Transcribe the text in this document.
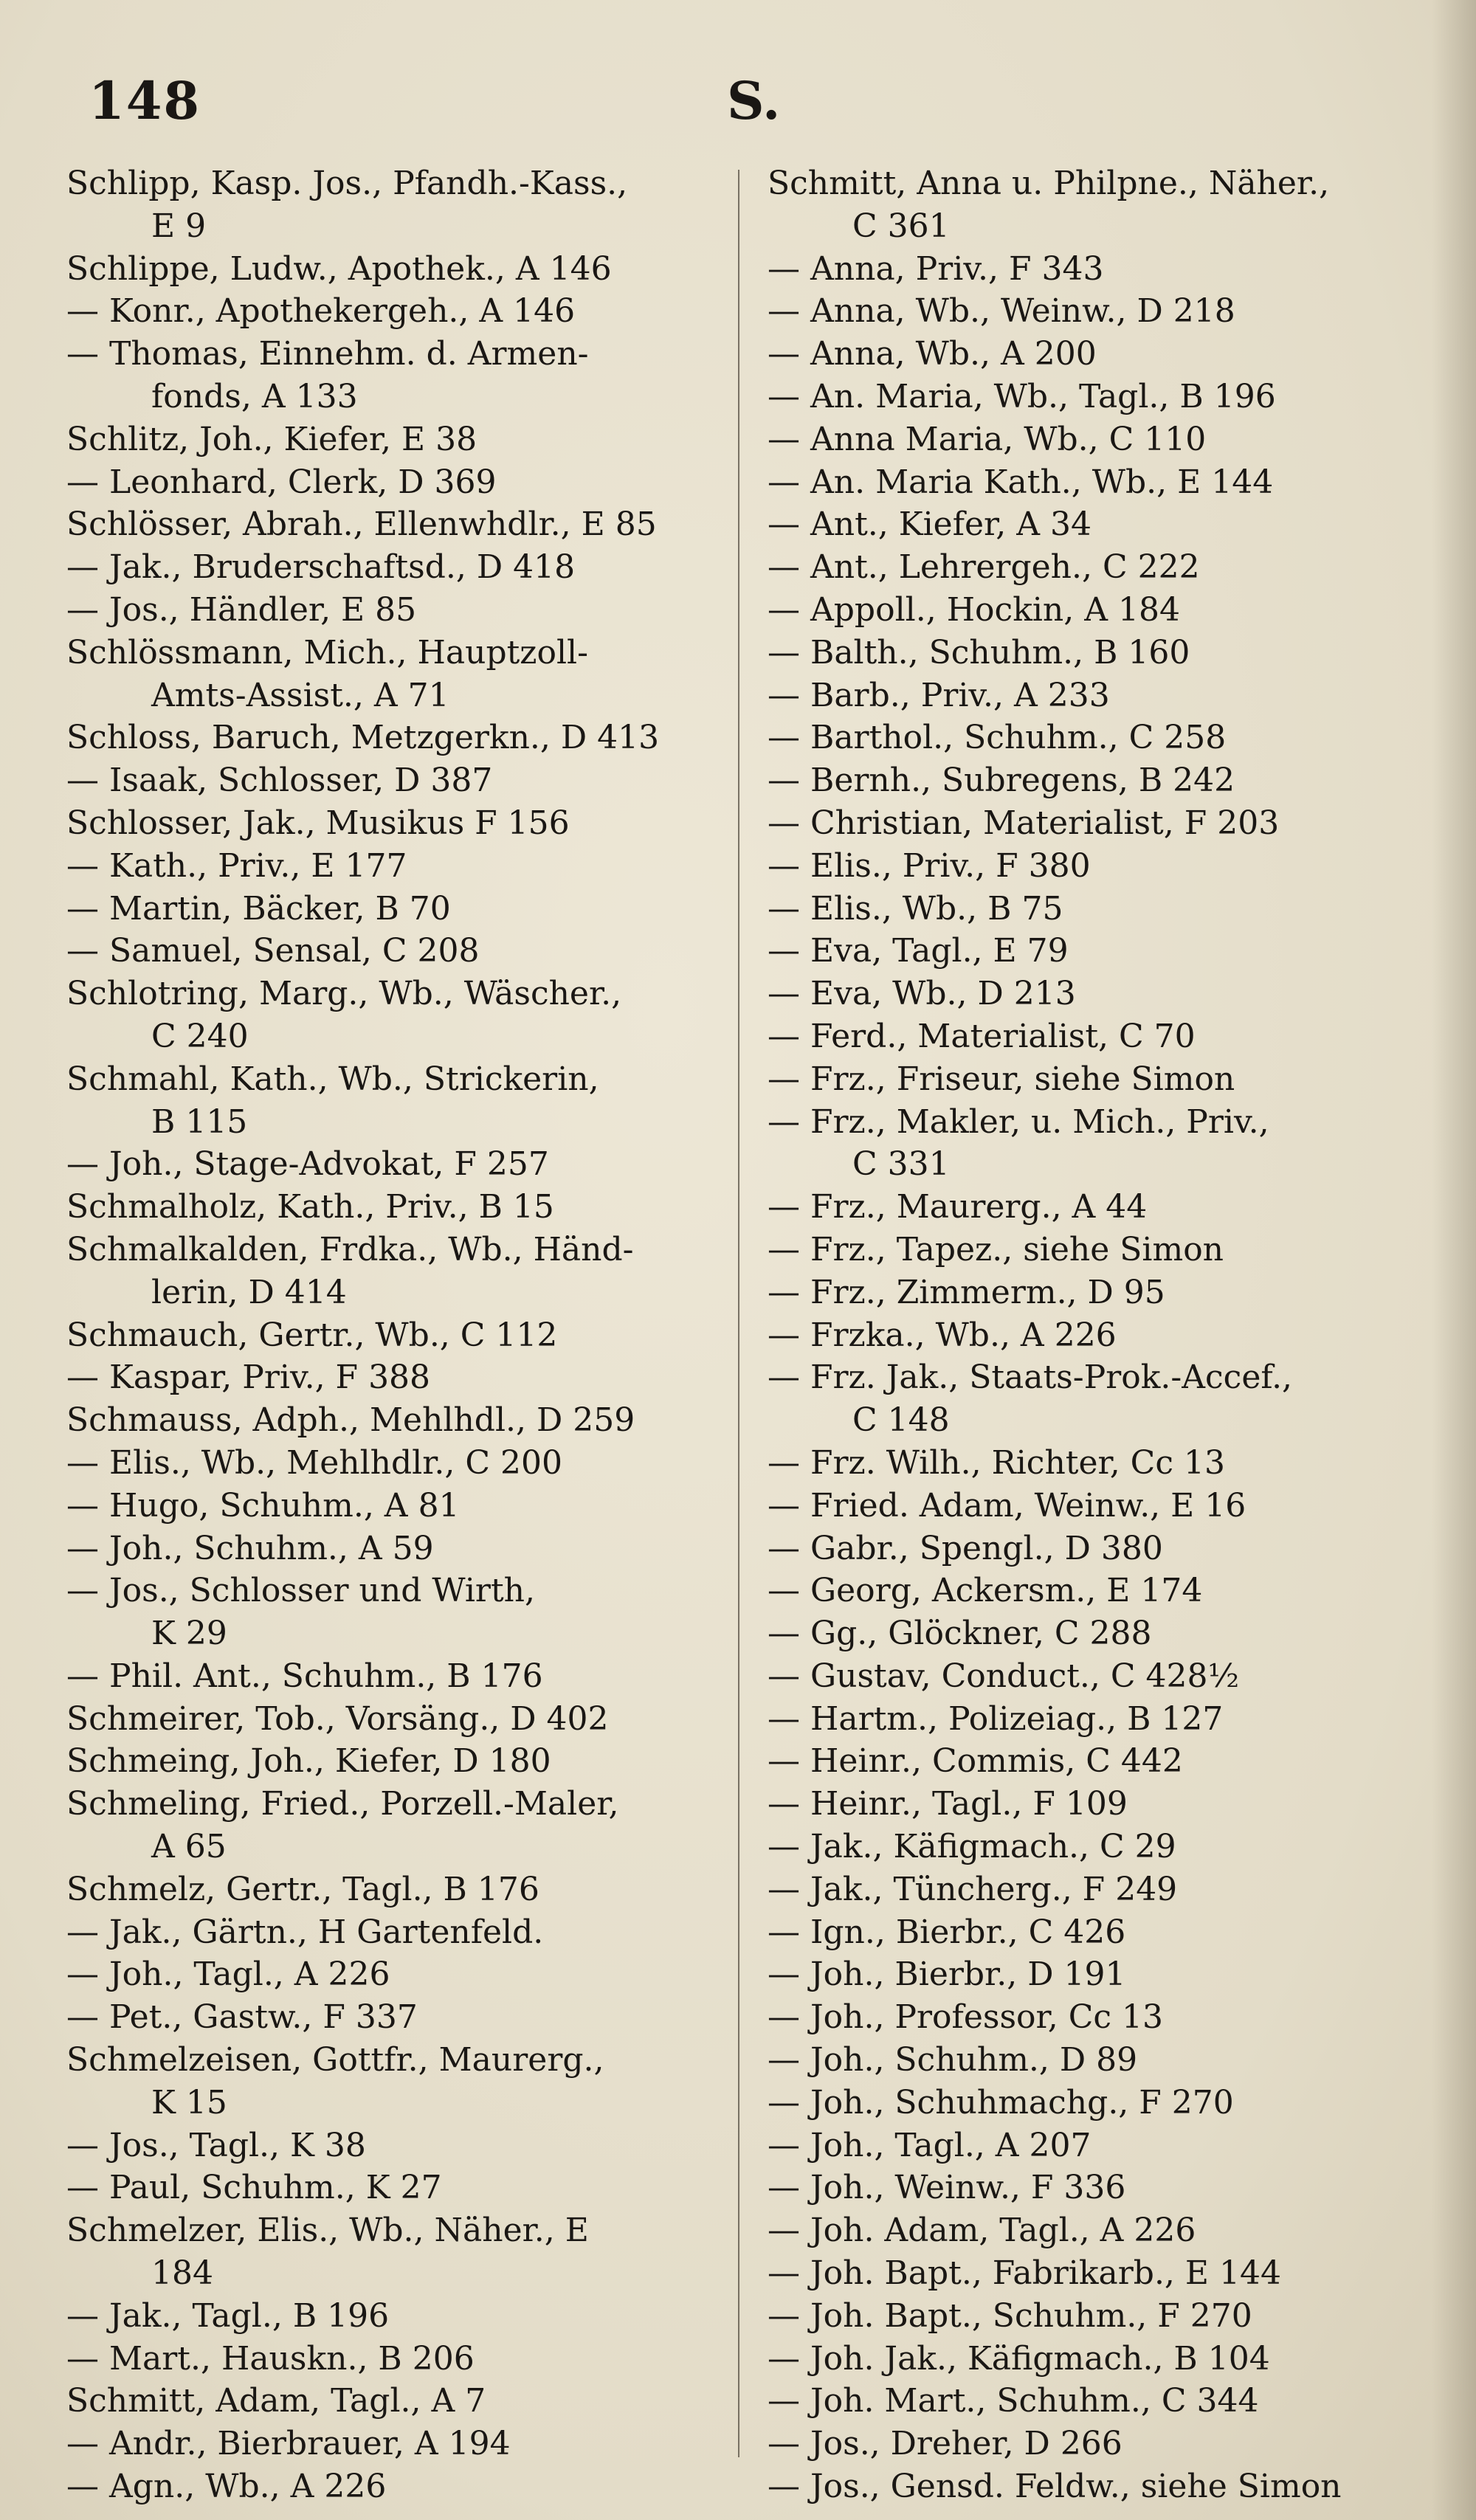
148	S.

Schlipp, Kasp. Jos., Pfandh.-Kass.,

E 9

Schlippe, Ludw., Apothek., A 146

— Konr., Apothekergeh., A 146

— Thomas, Einnehm. d. Armen-

fonds, A 133

Schlitz, Joh., Kiefer, E 38

— Leonhard, Clerk, D 369

Schlösser, Abrah., Ellenwhdlr., E 85

— Jak., Bruderschaftsd., D 418

— Jos., Händler, E 85

Schlössmann, Mich., Hauptzoll-

Amts-Assist., A 71

Schloss, Baruch, Metzgerkn., D 413

— Isaak, Schlosser, D 387

Schlosser, Jak., Musikus F 156

— Kath., Priv., E 177

— Martin, Bäcker, B 70

— Samuel, Sensal, C 208

Schlotring, Marg., Wb., Wäscher.,

C 240

Schmahl, Kath., Wb., Strickerin,

B 115

— Joh., Stage-Advokat, F 257

Schmalholz, Kath., Priv., B 15

Schmalkalden, Frdka., Wb., Händ-

lerin, D 414

Schmauch, Gertr., Wb., C 112

— Kaspar, Priv., F 388

Schmauss, Adph., Mehlhdl., D 259

— Elis., Wb., Mehlhdlr., C 200

— Hugo, Schuhm., A 81

— Joh., Schuhm., A 59

— Jos., Schlosser und Wirth,

K 29

— Phil. Ant., Schuhm., B 176

Schmeirer, Tob., Vorsäng., D 402

Schmeing, Joh., Kiefer, D 180

Schmeling, Fried., Porzell.-Maler,

A 65

Schmelz, Gertr., Tagl., B 176

— Jak., Gärtn., H Gartenfeld.

— Joh., Tagl., A 226

— Pet., Gastw., F 337

Schmelzeisen, Gottfr., Maurerg.,

K 15

— Jos., Tagl., K 38

— Paul, Schuhm., K 27

Schmelzer, Elis., Wb., Näher., E

184

— Jak., Tagl., B 196

— Mart., Hauskn., B 206

Schmitt, Adam, Tagl., A 7

— Andr., Bierbrauer, A 194

— Agn., Wb., A 226

Schmitt, Anna u. Philpne., Näher.,

C 361

— Anna, Priv., F 343

— Anna, Wb., Weinw., D 218

— Anna, Wb., A 200

— An. Maria, Wb., Tagl., B 196

— Anna Maria, Wb., C 110

— An. Maria Kath., Wb., E 144

— Ant., Kiefer, A 34

— Ant., Lehrergeh., C 222

— Appoll., Hockin, A 184

— Balth., Schuhm., B 160

— Barb., Priv., A 233

— Barthol., Schuhm., C 258

— Bernh., Subregens, B 242

— Christian, Materialist, F 203

— Elis., Priv., F 380

— Elis., Wb., B 75

— Eva, Tagl., E 79

— Eva, Wb., D 213

— Ferd., Materialist, C 70

— Frz., Friseur, siehe Simon

— Frz., Makler, u. Mich., Priv.,

C 331

— Frz., Maurerg., A 44

— Frz., Tapez., siehe Simon

— Frz., Zimmerm., D 95

— Frzka., Wb., A 226

— Frz. Jak., Staats-Prok.-Accef.,

C 148

— Frz. Wilh., Richter, Cc 13

— Fried. Adam, Weinw., E 16

— Gabr., Spengl., D 380

— Georg, Ackersm., E 174

— Gg., Glöckner, C 288

— Gustav, Conduct., C 428½

— Hartm., Polizeiag., B 127

— Heinr., Commis, C 442

— Heinr., Tagl., F 109

— Jak., Käfigmach., C 29

— Jak., Tüncherg., F 249

— Ign., Bierbr., C 426

— Joh., Bierbr., D 191

— Joh., Professor, Cc 13

— Joh., Schuhm., D 89

— Joh., Schuhmachg., F 270

— Joh., Tagl., A 207

— Joh., Weinw., F 336

— Joh. Adam, Tagl., A 226

— Joh. Bapt., Fabrikarb., E 144

— Joh. Bapt., Schuhm., F 270

— Joh. Jak., Käfigmach., B 104

— Joh. Mart., Schuhm., C 344

— Jos., Dreher, D 266

— Jos., Gensd. Feldw., siehe Simon
